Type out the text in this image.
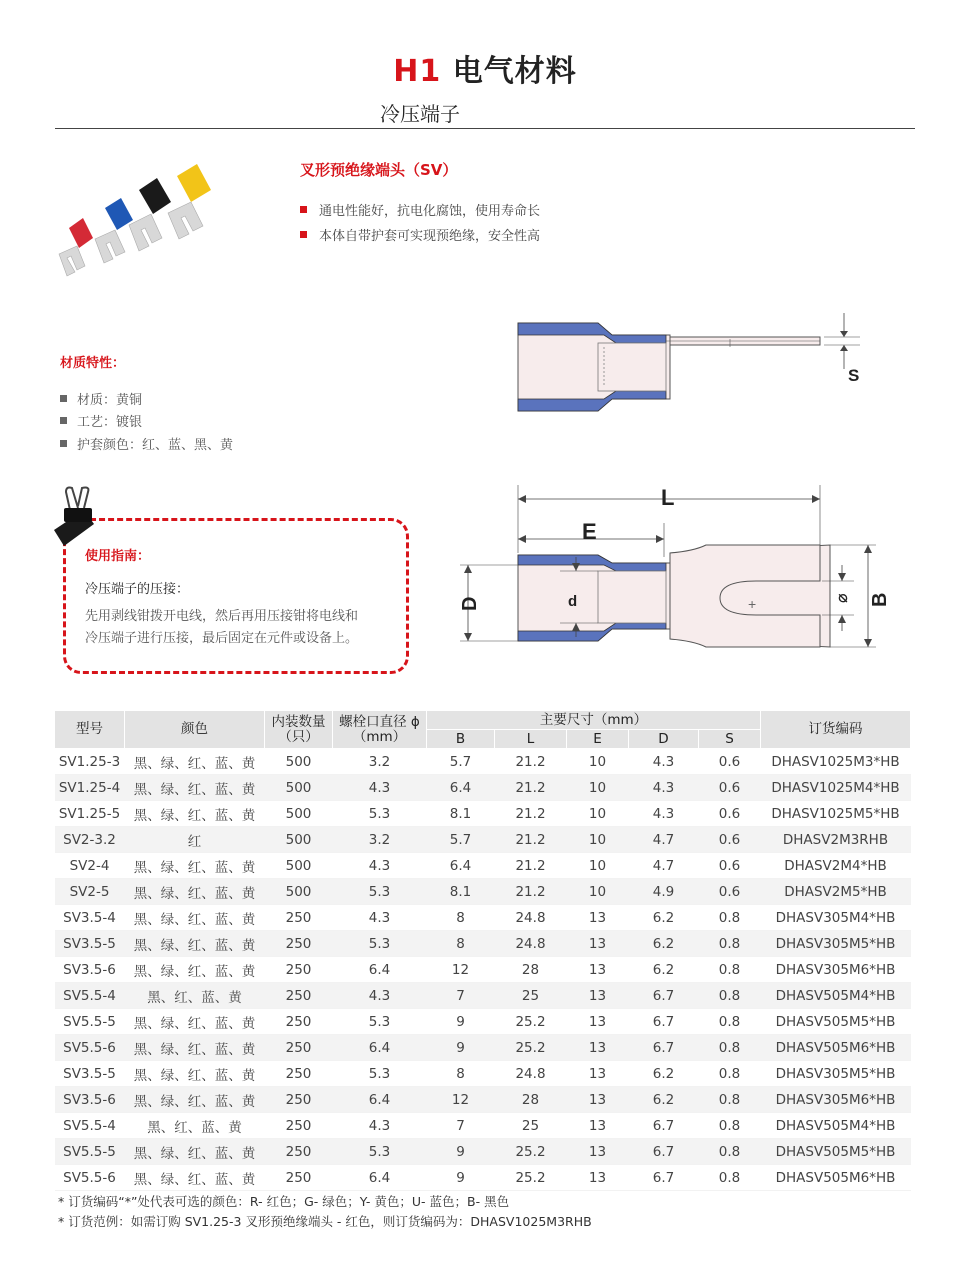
H1 电气材料
冷压端子
叉形预绝缘端头（SV）
通电性能好，抗电化腐蚀，使用寿命长
本体自带护套可实现预绝缘，安全性高
材质特性：
材质：黄铜
工艺：镀银
护套颜色：红、蓝、黑、黄
使用指南：
冷压端子的压接：
先用剥线钳拨开电线，然后再用压接钳将电线和
冷压端子进行压接，最后固定在元件或设备上。
S
L
E
+
D	d	⌀ B
型号	颜色	内装数量（只）	螺栓口直径 ϕ（mm）	主要尺寸（mm）					订货编码
				B	L	E	D	S	
SV1.25-3	黑、绿、红、蓝、黄	500	3.2	5.7	21.2	10	4.3	0.6	DHASV1025M3*HB
SV1.25-4	黑、绿、红、蓝、黄	500	4.3	6.4	21.2	10	4.3	0.6	DHASV1025M4*HB
SV1.25-5	黑、绿、红、蓝、黄	500	5.3	8.1	21.2	10	4.3	0.6	DHASV1025M5*HB
SV2-3.2	红	500	3.2	5.7	21.2	10	4.7	0.6	DHASV2M3RHB
SV2-4	黑、绿、红、蓝、黄	500	4.3	6.4	21.2	10	4.7	0.6	DHASV2M4*HB
SV2-5	黑、绿、红、蓝、黄	500	5.3	8.1	21.2	10	4.9	0.6	DHASV2M5*HB
SV3.5-4	黑、绿、红、蓝、黄	250	4.3	8	24.8	13	6.2	0.8	DHASV305M4*HB
SV3.5-5	黑、绿、红、蓝、黄	250	5.3	8	24.8	13	6.2	0.8	DHASV305M5*HB
SV3.5-6	黑、绿、红、蓝、黄	250	6.4	12	28	13	6.2	0.8	DHASV305M6*HB
SV5.5-4	黑、红、蓝、黄	250	4.3	7	25	13	6.7	0.8	DHASV505M4*HB
SV5.5-5	黑、绿、红、蓝、黄	250	5.3	9	25.2	13	6.7	0.8	DHASV505M5*HB
SV5.5-6	黑、绿、红、蓝、黄	250	6.4	9	25.2	13	6.7	0.8	DHASV505M6*HB
SV3.5-5	黑、绿、红、蓝、黄	250	5.3	8	24.8	13	6.2	0.8	DHASV305M5*HB
SV3.5-6	黑、绿、红、蓝、黄	250	6.4	12	28	13	6.2	0.8	DHASV305M6*HB
SV5.5-4	黑、红、蓝、黄	250	4.3	7	25	13	6.7	0.8	DHASV505M4*HB
SV5.5-5	黑、绿、红、蓝、黄	250	5.3	9	25.2	13	6.7	0.8	DHASV505M5*HB
SV5.5-6	黑、绿、红、蓝、黄	250	6.4	9	25.2	13	6.7	0.8	DHASV505M6*HB
* 订货编码“*”处代表可选的颜色：R- 红色；G- 绿色；Y- 黄色；U- 蓝色；B- 黑色
* 订货范例：如需订购 SV1.25-3 叉形预绝缘端头 - 红色，则订货编码为：DHASV1025M3RHB
